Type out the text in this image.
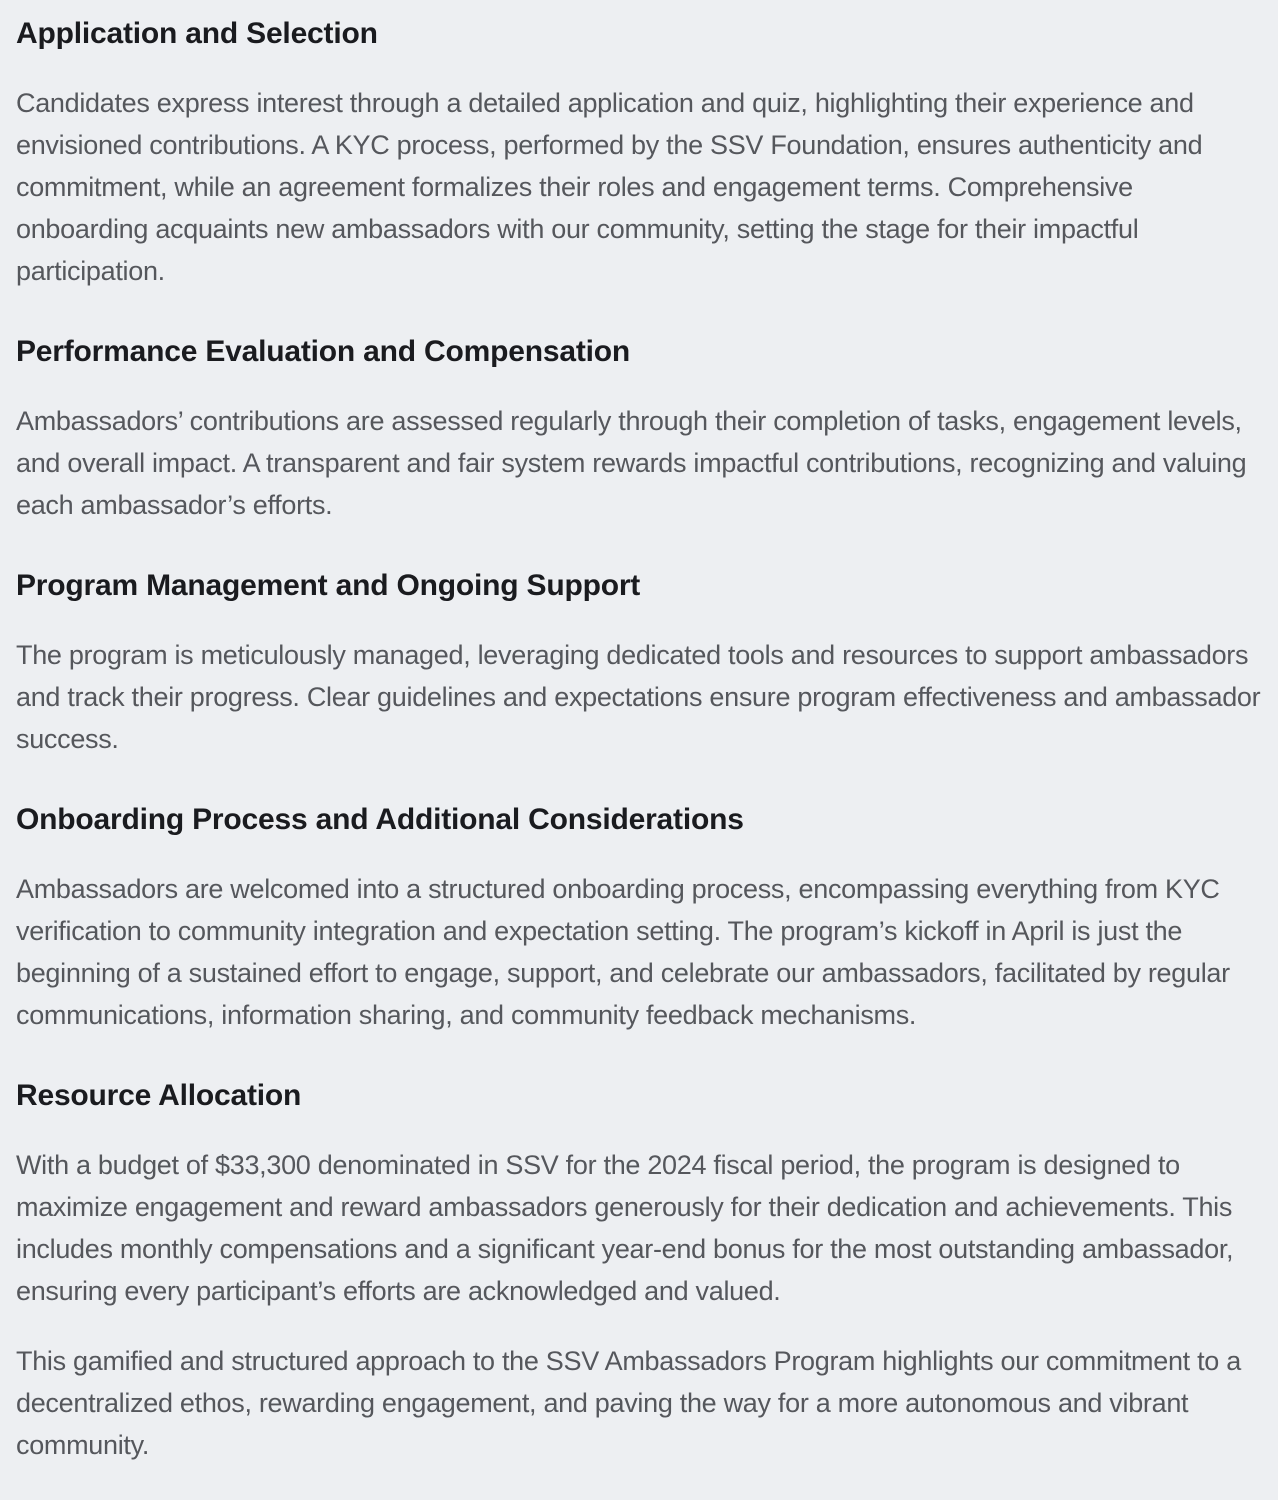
Application and Selection

Candidates express interest through a detailed application and quiz, highlighting their experience and envisioned contributions. A KYC process, performed by the SSV Foundation, ensures authenticity and commitment, while an agreement formalizes their roles and engagement terms. Comprehensive onboarding acquaints new ambassadors with our community, setting the stage for their impactful participation.

Performance Evaluation and Compensation

Ambassadors’ contributions are assessed regularly through their completion of tasks, engagement levels, and overall impact. A transparent and fair system rewards impactful contributions, recognizing and valuing each ambassador’s efforts.

Program Management and Ongoing Support

The program is meticulously managed, leveraging dedicated tools and resources to support ambassadors and track their progress. Clear guidelines and expectations ensure program effectiveness and ambassador success.

Onboarding Process and Additional Considerations

Ambassadors are welcomed into a structured onboarding process, encompassing everything from KYC verification to community integration and expectation setting. The program’s kickoff in April is just the beginning of a sustained effort to engage, support, and celebrate our ambassadors, facilitated by regular communications, information sharing, and community feedback mechanisms.

Resource Allocation

With a budget of $33,300 denominated in SSV for the 2024 fiscal period, the program is designed to maximize engagement and reward ambassadors generously for their dedication and achievements. This includes monthly compensations and a significant year-end bonus for the most outstanding ambassador, ensuring every participant’s efforts are acknowledged and valued.

This gamified and structured approach to the SSV Ambassadors Program highlights our commitment to a decentralized ethos, rewarding engagement, and paving the way for a more autonomous and vibrant community.
